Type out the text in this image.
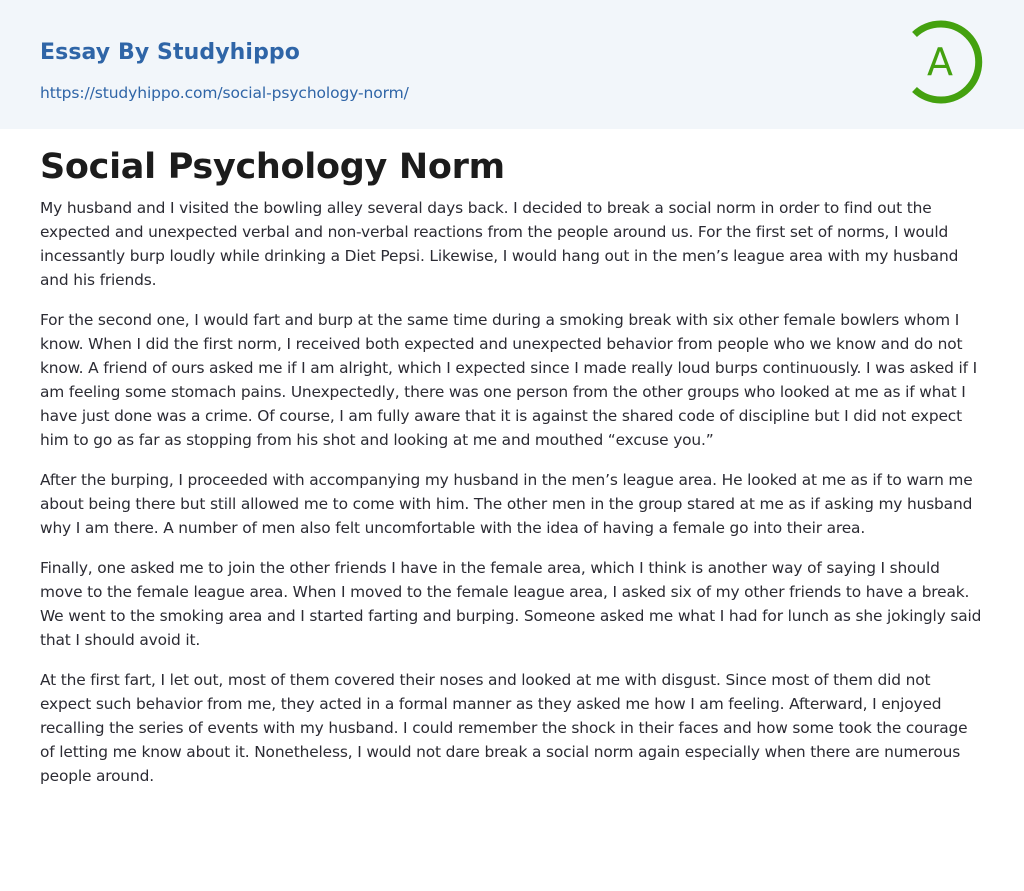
Essay By Studyhippo
https://studyhippo.com/social-psychology-norm/
A
Social Psychology Norm

My husband and I visited the bowling alley several days back. I decided to break a social norm in order to find out the expected and unexpected verbal and non-verbal reactions from the people around us. For the first set of norms, I would incessantly burp loudly while drinking a Diet Pepsi. Likewise, I would hang out in the men’s league area with my husband and his friends.

For the second one, I would fart and burp at the same time during a smoking break with six other female bowlers whom I know. When I did the first norm, I received both expected and unexpected behavior from people who we know and do not know. A friend of ours asked me if I am alright, which I expected since I made really loud burps continuously. I was asked if I am feeling some stomach pains. Unexpectedly, there was one person from the other groups who looked at me as if what I have just done was a crime. Of course, I am fully aware that it is against the shared code of discipline but I did not expect him to go as far as stopping from his shot and looking at me and mouthed “excuse you.”

After the burping, I proceeded with accompanying my husband in the men’s league area. He looked at me as if to warn me about being there but still allowed me to come with him. The other men in the group stared at me as if asking my husband why I am there. A number of men also felt uncomfortable with the idea of having a female go into their area.

Finally, one asked me to join the other friends I have in the female area, which I think is another way of saying I should move to the female league area. When I moved to the female league area, I asked six of my other friends to have a break. We went to the smoking area and I started farting and burping. Someone asked me what I had for lunch as she jokingly said that I should avoid it.

At the first fart, I let out, most of them covered their noses and looked at me with disgust. Since most of them did not expect such behavior from me, they acted in a formal manner as they asked me how I am feeling. Afterward, I enjoyed recalling the series of events with my husband. I could remember the shock in their faces and how some took the courage of letting me know about it. Nonetheless, I would not dare break a social norm again especially when there are numerous people around.
